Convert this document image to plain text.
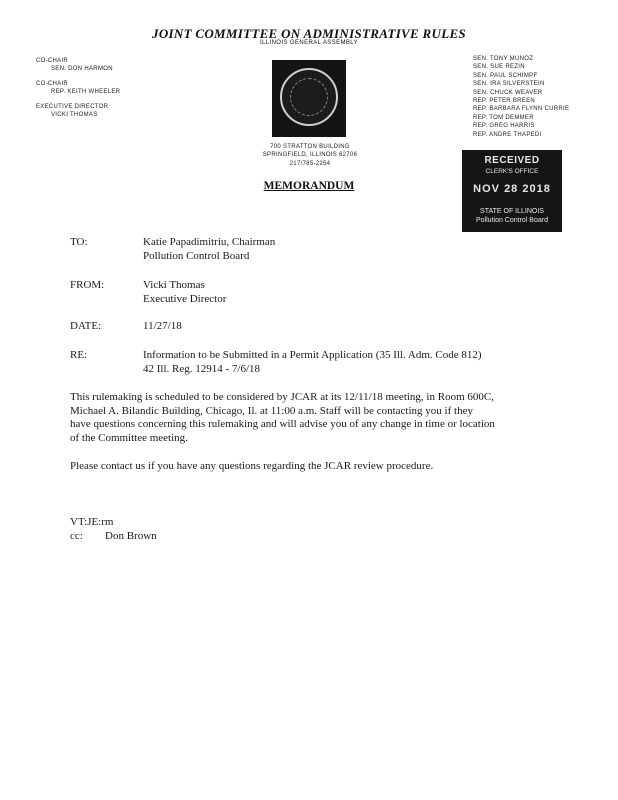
JOINT COMMITTEE ON ADMINISTRATIVE RULES
ILLINOIS GENERAL ASSEMBLY
CO-CHAIR
SEN. DON HARMON
CO-CHAIR
REP. KEITH WHEELER
EXECUTIVE DIRECTOR
VICKI THOMAS
700 STRATTON BUILDING
SPRINGFIELD, ILLINOIS 62706
217/785-2254
SEN. TONY MUNOZ
SEN. SUE REZIN
SEN. PAUL SCHIMPF
SEN. IRA SILVERSTEIN
SEN. CHUCK WEAVER
REP. PETER BREEN
REP. BARBARA FLYNN CURRIE
REP. TOM DEMMER
REP. GREG HARRIS
REP. ANDRE THAPEDI
RECEIVED
CLERK'S OFFICE
NOV 28 2018
STATE OF ILLINOIS
Pollution Control Board
MEMORANDUM
TO:	Katie Papadimitriu, Chairman
Pollution Control Board
FROM:	Vicki Thomas
Executive Director
DATE:	11/27/18
RE:	Information to be Submitted in a Permit Application (35 Ill. Adm. Code 812)
42 Ill. Reg. 12914 - 7/6/18
This rulemaking is scheduled to be considered by JCAR at its 12/11/18 meeting, in Room 600C,
Michael A. Bilandic Building, Chicago, Il. at 11:00 a.m. Staff will be contacting you if they
have questions concerning this rulemaking and will advise you of any change in time or location
of the Committee meeting.
Please contact us if you have any questions regarding the JCAR review procedure.
VT:JE:rm
cc: Don Brown
